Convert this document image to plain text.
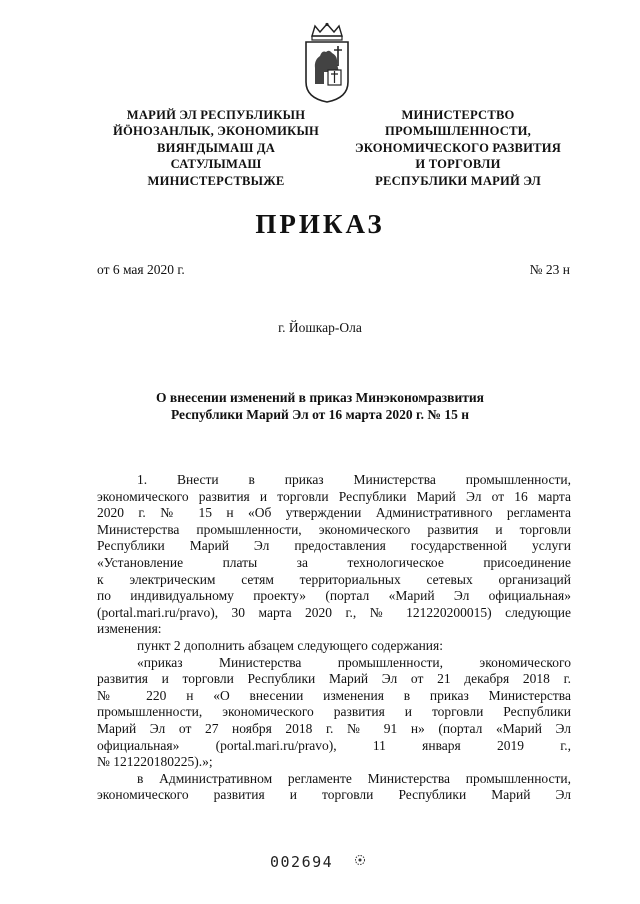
МАРИЙ ЭЛ РЕСПУБЛИКЫН
ЙӦНОЗАНЛЫК, ЭКОНОМИКЫН
ВИЯҤДЫМАШ ДА
САТУЛЫМАШ
МИНИСТЕРСТВЫЖЕ
МИНИСТЕРСТВО
ПРОМЫШЛЕННОСТИ,
ЭКОНОМИЧЕСКОГО РАЗВИТИЯ
И ТОРГОВЛИ
РЕСПУБЛИКИ МАРИЙ ЭЛ
ПРИКАЗ
от 6 мая 2020 г.	№ 23 н
г. Йошкар-Ола
О внесении изменений в приказ Минэкономразвития
Республики Марий Эл от 16 марта 2020 г. № 15 н
1. Внести в приказ Министерства промышленности,
экономического развития и торговли Республики Марий Эл от 16 марта
2020 г. № 15 н «Об утверждении Административного регламента
Министерства промышленности, экономического развития и торговли
Республики Марий Эл предоставления государственной услуги
«Установление платы за технологическое присоединение
к электрическим сетям территориальных сетевых организаций
по индивидуальному проекту» (портал «Марий Эл официальная»
(portal.mari.ru/pravo), 30 марта 2020 г., № 121220200015) следующие
изменения:
пункт 2 дополнить абзацем следующего содержания:
«приказ Министерства промышленности, экономического
развития и торговли Республики Марий Эл от 21 декабря 2018 г.
№ 220 н «О внесении изменения в приказ Министерства
промышленности, экономического развития и торговли Республики
Марий Эл от 27 ноября 2018 г. № 91 н» (портал «Марий Эл
официальная» (portal.mari.ru/pravo), 11 января 2019 г.,
№ 121220180225).»;
в Административном регламенте Министерства промышленности,
экономического развития и торговли Республики Марий Эл
002694
